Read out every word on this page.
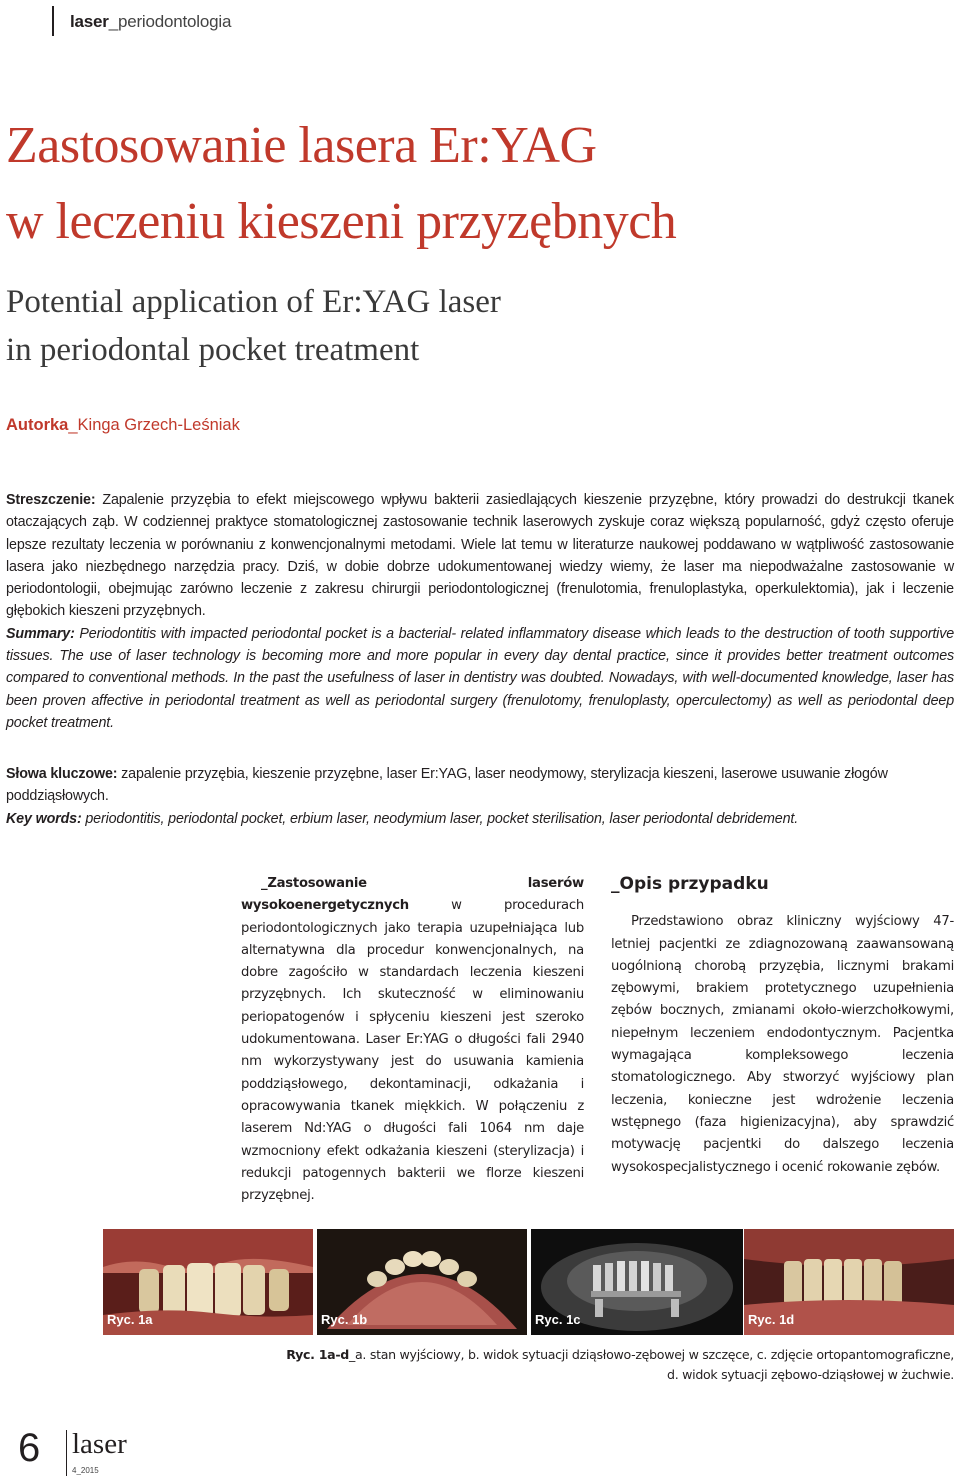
laser_periodontologia
Zastosowanie lasera Er:YAG
w leczeniu kieszeni przyzębnych
Potential application of Er:YAG laser
in periodontal pocket treatment
Autorka_Kinga Grzech-Leśniak

Streszczenie: Zapalenie przyzębia to efekt miejscowego wpływu bakterii zasiedlających kieszenie przyzębne, który prowadzi do destrukcji tkanek otaczających ząb. W codziennej praktyce stomatologicznej zastosowanie technik laserowych zyskuje coraz większą popularność, gdyż często oferuje lepsze rezultaty leczenia w porównaniu z konwencjonalnymi metodami. Wiele lat temu w literaturze naukowej poddawano w wątpliwość zastosowanie lasera jako niezbędnego narzędzia pracy. Dziś, w dobie dobrze udokumentowanej wiedzy wiemy, że laser ma niepodważalne zastosowanie w periodontologii, obejmując zarówno leczenie z zakresu chirurgii periodontologicznej (frenulotomia, frenuloplastyka, operkulektomia), jak i leczenie głębokich kieszeni przyzębnych.

Summary: Periodontitis with impacted periodontal pocket is a bacterial- related inflammatory disease which leads to the destruction of tooth supportive tissues. The use of laser technology is becoming more and more popular in every day dental practice, since it provides better treatment outcomes compared to conventional methods. In the past the usefulness of laser in dentistry was doubted. Nowadays, with well-documented knowledge, laser has been proven affective in periodontal treatment as well as periodontal surgery (frenulotomy, frenuloplasty, operculectomy) as well as periodontal deep pocket treatment.

Słowa kluczowe: zapalenie przyzębia, kieszenie przyzębne, laser Er:YAG, laser neodymowy, sterylizacja kieszeni, laserowe usuwanie złogów poddziąsłowych.

Key words: periodontitis, periodontal pocket, erbium laser, neodymium laser, pocket sterilisation, laser periodontal debridement.

_Zastosowanie laserów wysokoenergetycznych w procedurach periodontologicznych jako terapia uzupełniająca lub alternatywna dla procedur konwencjonalnych, na dobre zagościło w standardach leczenia kieszeni przyzębnych. Ich skuteczność w eliminowaniu periopatogenów i spłyceniu kieszeni jest szeroko udokumentowana. Laser Er:YAG o długości fali 2940 nm wykorzystywany jest do usuwania kamienia poddziąsłowego, dekontaminacji, odkażania i opracowywania tkanek miękkich. W połączeniu z laserem Nd:YAG o długości fali 1064 nm daje wzmocniony efekt odkażania kieszeni (sterylizacja) i redukcji patogennych bakterii we florze kieszeni przyzębnej.

_Opis przypadku

Przedstawiono obraz kliniczny wyjściowy 47-letniej pacjentki ze zdiagnozowaną zaawansowaną uogólnioną chorobą przyzębia, licznymi brakami zębowymi, brakiem protetycznego uzupełnienia zębów bocznych, zmianami około-wierzchołkowymi, niepełnym leczeniem endodontycznym. Pacjentka wymagająca kompleksowego leczenia stomatologicznego. Aby stworzyć wyjściowy plan leczenia, konieczne jest wdrożenie leczenia wstępnego (faza higienizacyjna), aby sprawdzić motywację pacjentki do dalszego leczenia wysokospecjalistycznego i ocenić rokowanie zębów.

Ryc. 1a	Ryc. 1b	Ryc. 1c	Ryc. 1d
Ryc. 1a-d_a. stan wyjściowy, b. widok sytuacji dziąsłowo-zębowej w szczęce, c. zdjęcie ortopantomograficzne,
d. widok sytuacji zębowo-dziąsłowej w żuchwie.
6 laser
4_2015
